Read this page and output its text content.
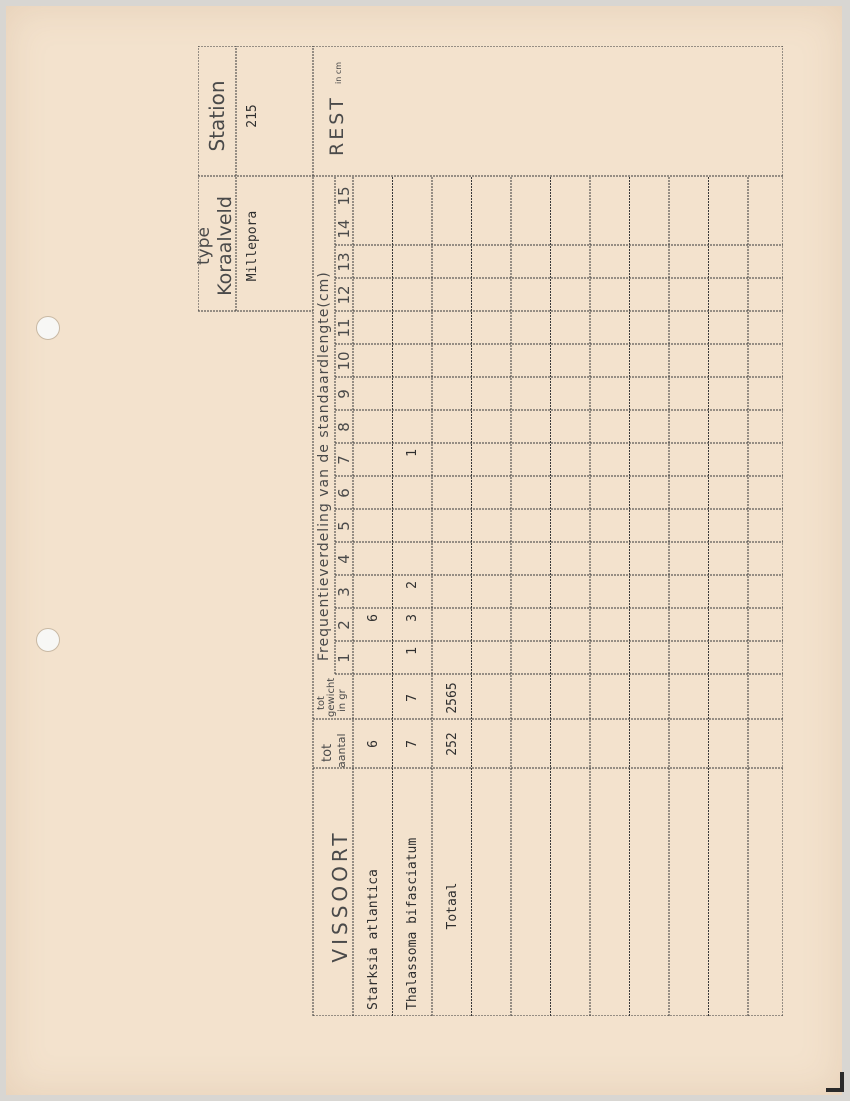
type Koraalveld Millepora
Station 215
VISSOORT
tot aantal
tot gewicht in gr
Frequentieverdeling van de standaardlengte(cm)
REST
in cm
1
2
3
4
5
6
7
8
9
10
11
12
13
14
15
Starksia atlantica
6
6
Thalassoma bifasciatum
7
7
1
3
2
1
Totaal
252
2565
